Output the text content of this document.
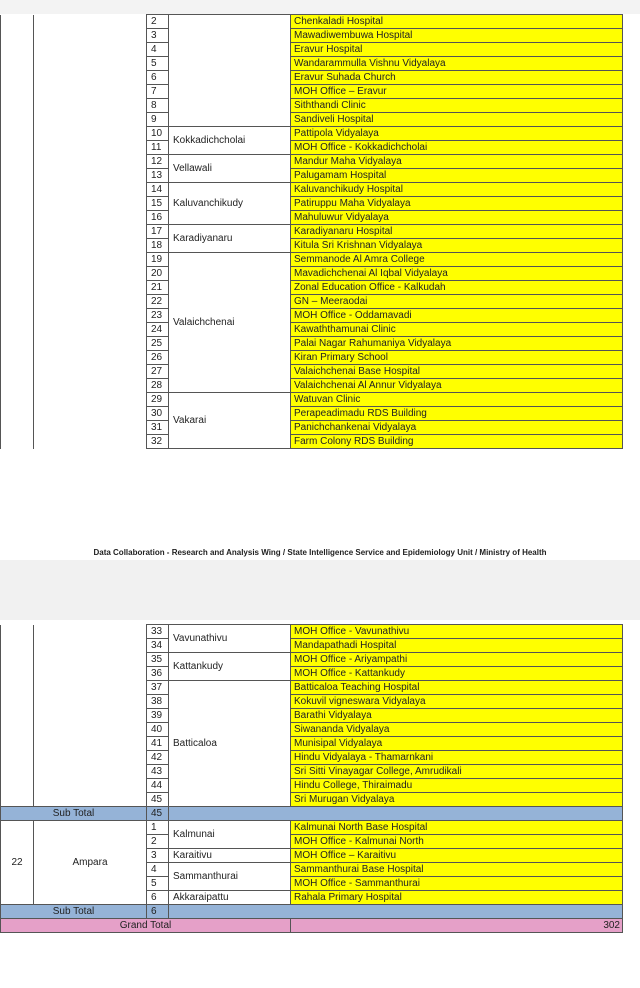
		2		Chenkaladi Hospital
		3		Mawadiwembuwa Hospital
		4		Eravur Hospital
		5		Wandarammulla Vishnu Vidyalaya
		6		Eravur Suhada Church
		7		MOH Office – Eravur
		8		Siththandi Clinic
		9		Sandiveli Hospital
		10	Kokkadichcholai	Pattipola Vidyalaya
		11		MOH Office - Kokkadichcholai
		12	Vellawali	Mandur Maha Vidyalaya
		13		Palugamam Hospital
		14	Kaluvanchikudy	Kaluvanchikudy Hospital
		15		Patiruppu Maha Vidyalaya
		16		Mahuluwur Vidyalaya
		17	Karadiyanaru	Karadiyanaru Hospital
		18		Kitula Sri Krishnan Vidyalaya
		19	Valaichchenai	Semmanode Al Amra College
		20		Mavadichchenai Al Iqbal Vidyalaya
		21		Zonal Education Office - Kalkudah
		22		GN – Meeraodai
		23		MOH Office - Oddamavadi
		24		Kawaththamunai Clinic
		25		Palai Nagar Rahumaniya Vidyalaya
		26		Kiran Primary School
		27		Valaichchenai Base Hospital
		28		Valaichchenai Al Annur Vidyalaya
		29	Vakarai	Watuvan Clinic
		30		Perapeadimadu RDS Building
		31		Panichchankenai Vidyalaya
		32		Farm Colony RDS Building
Data Collaboration - Research and Analysis Wing / State Intelligence Service and Epidemiology Unit / Ministry of Health
		33	Vavunathivu	MOH Office - Vavunathivu
		34		Mandapathadi Hospital
		35	Kattankudy	MOH Office - Ariyampathi
		36		MOH Office - Kattankudy
		37	Batticaloa	Batticaloa Teaching Hospital
		38		Kokuvil vigneswara Vidyalaya
		39		Barathi Vidyalaya
		40		Siwananda Vidyalaya
		41		Munisipal Vidyalaya
		42		Hindu Vidyalaya - Thamarnkani
		43		Sri Sitti Vinayagar College, Amrudikali
		44		Hindu College, Thiraimadu
		45		Sri Murugan Vidyalaya
Sub Total		45		
22	Ampara	1	Kalmunai	Kalmunai North Base Hospital
		2		MOH Office - Kalmunai North
		3	Karaitivu	MOH Office – Karaitivu
		4	Sammanthurai	Sammanthurai Base Hospital
		5		MOH Office - Sammanthurai
		6	Akkaraipattu	Rahala Primary Hospital
Sub Total		6		
Grand Total				302
